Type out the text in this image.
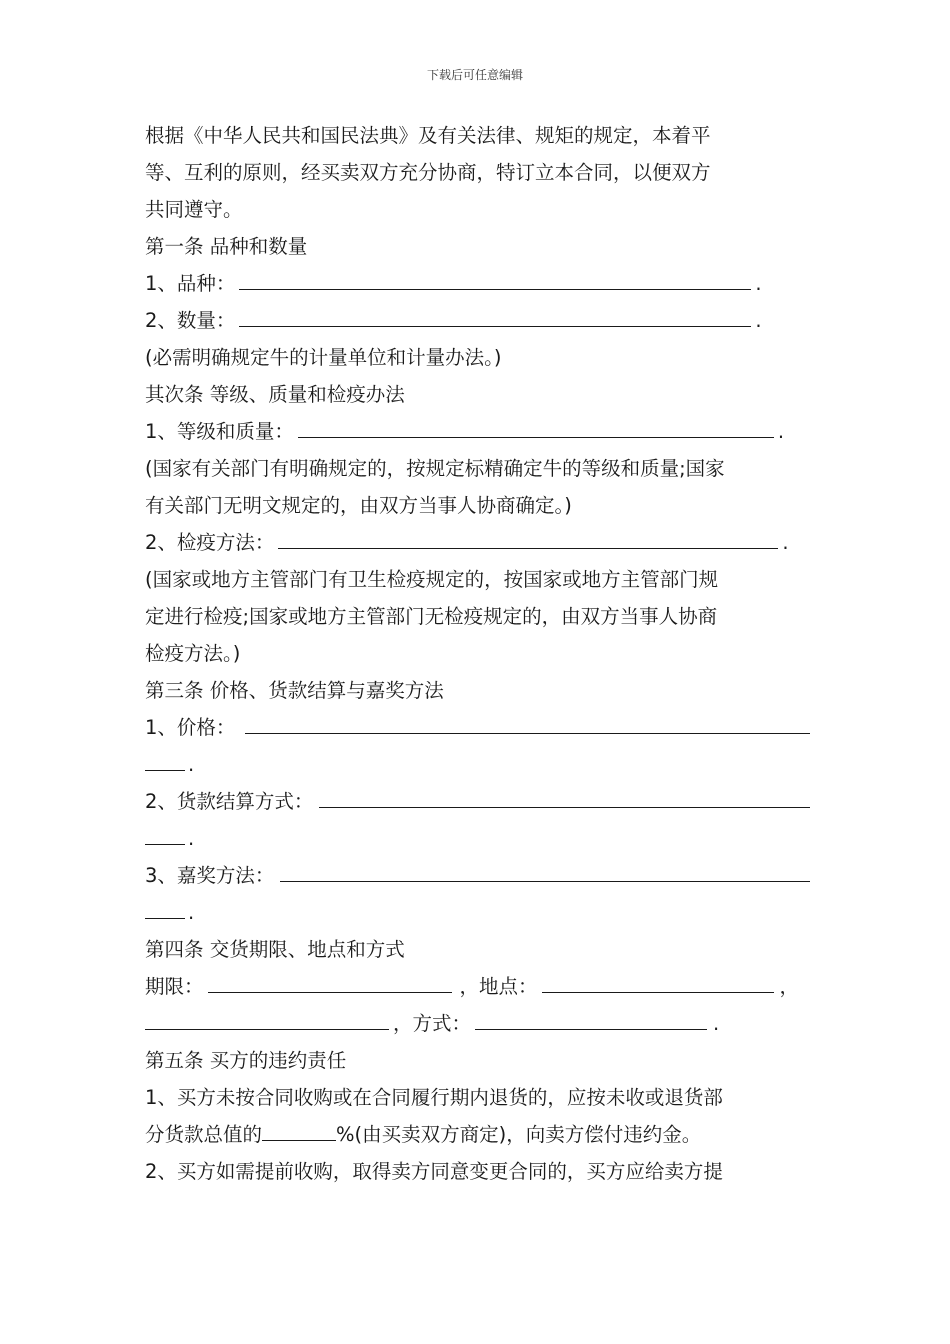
下载后可任意编辑
根据《中华人民共和国民法典》及有关法律、规矩的规定，本着平
等、互利的原则，经买卖双方充分协商，特订立本合同，以便双方
共同遵守。
第一条 品种和数量
1、品种：	.
2、数量：	.
(必需明确规定牛的计量单位和计量办法。)
其次条 等级、质量和检疫办法
1、等级和质量：	.
(国家有关部门有明确规定的，按规定标精确定牛的等级和质量;国家
有关部门无明文规定的，由双方当事人协商确定。)
2、检疫方法：	.
(国家或地方主管部门有卫生检疫规定的，按国家或地方主管部门规
定进行检疫;国家或地方主管部门无检疫规定的，由双方当事人协商
检疫方法。)
第三条 价格、货款结算与嘉奖方法
1、价格：
.
2、货款结算方式：
.
3、嘉奖方法：
.
第四条 交货期限、地点和方式
期限：	，地点：	，
，方式：	.
第五条 买方的违约责任
1、买方未按合同收购或在合同履行期内退货的，应按未收或退货部
分货款总值的	%(由买卖双方商定)，向卖方偿付违约金。
2、买方如需提前收购，取得卖方同意变更合同的，买方应给卖方提
